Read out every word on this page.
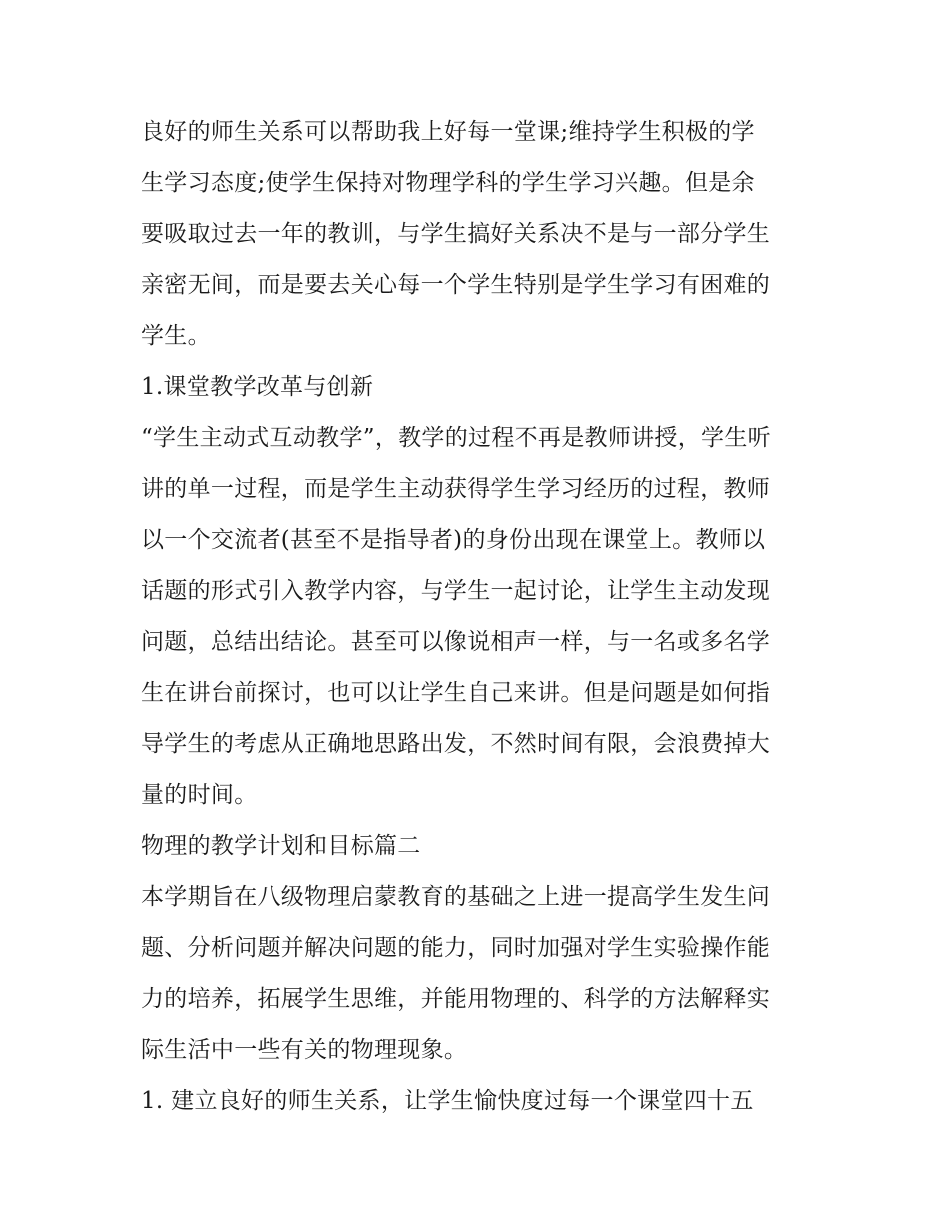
良好的师生关系可以帮助我上好每一堂课;维持学生积极的学
生学习态度;使学生保持对物理学科的学生学习兴趣。但是余
要吸取过去一年的教训，与学生搞好关系决不是与一部分学生
亲密无间，而是要去关心每一个学生特别是学生学习有困难的
学生。
1.课堂教学改革与创新
“学生主动式互动教学”，教学的过程不再是教师讲授，学生听
讲的单一过程，而是学生主动获得学生学习经历的过程，教师
以一个交流者(甚至不是指导者)的身份出现在课堂上。教师以
话题的形式引入教学内容，与学生一起讨论，让学生主动发现
问题，总结出结论。甚至可以像说相声一样，与一名或多名学
生在讲台前探讨，也可以让学生自己来讲。但是问题是如何指
导学生的考虑从正确地思路出发，不然时间有限，会浪费掉大
量的时间。
物理的教学计划和目标篇二
本学期旨在八级物理启蒙教育的基础之上进一提高学生发生问
题、分析问题并解决问题的能力，同时加强对学生实验操作能
力的培养，拓展学生思维，并能用物理的、科学的方法解释实
际生活中一些有关的物理现象。
1. 建立良好的师生关系，让学生愉快度过每一个课堂四十五
